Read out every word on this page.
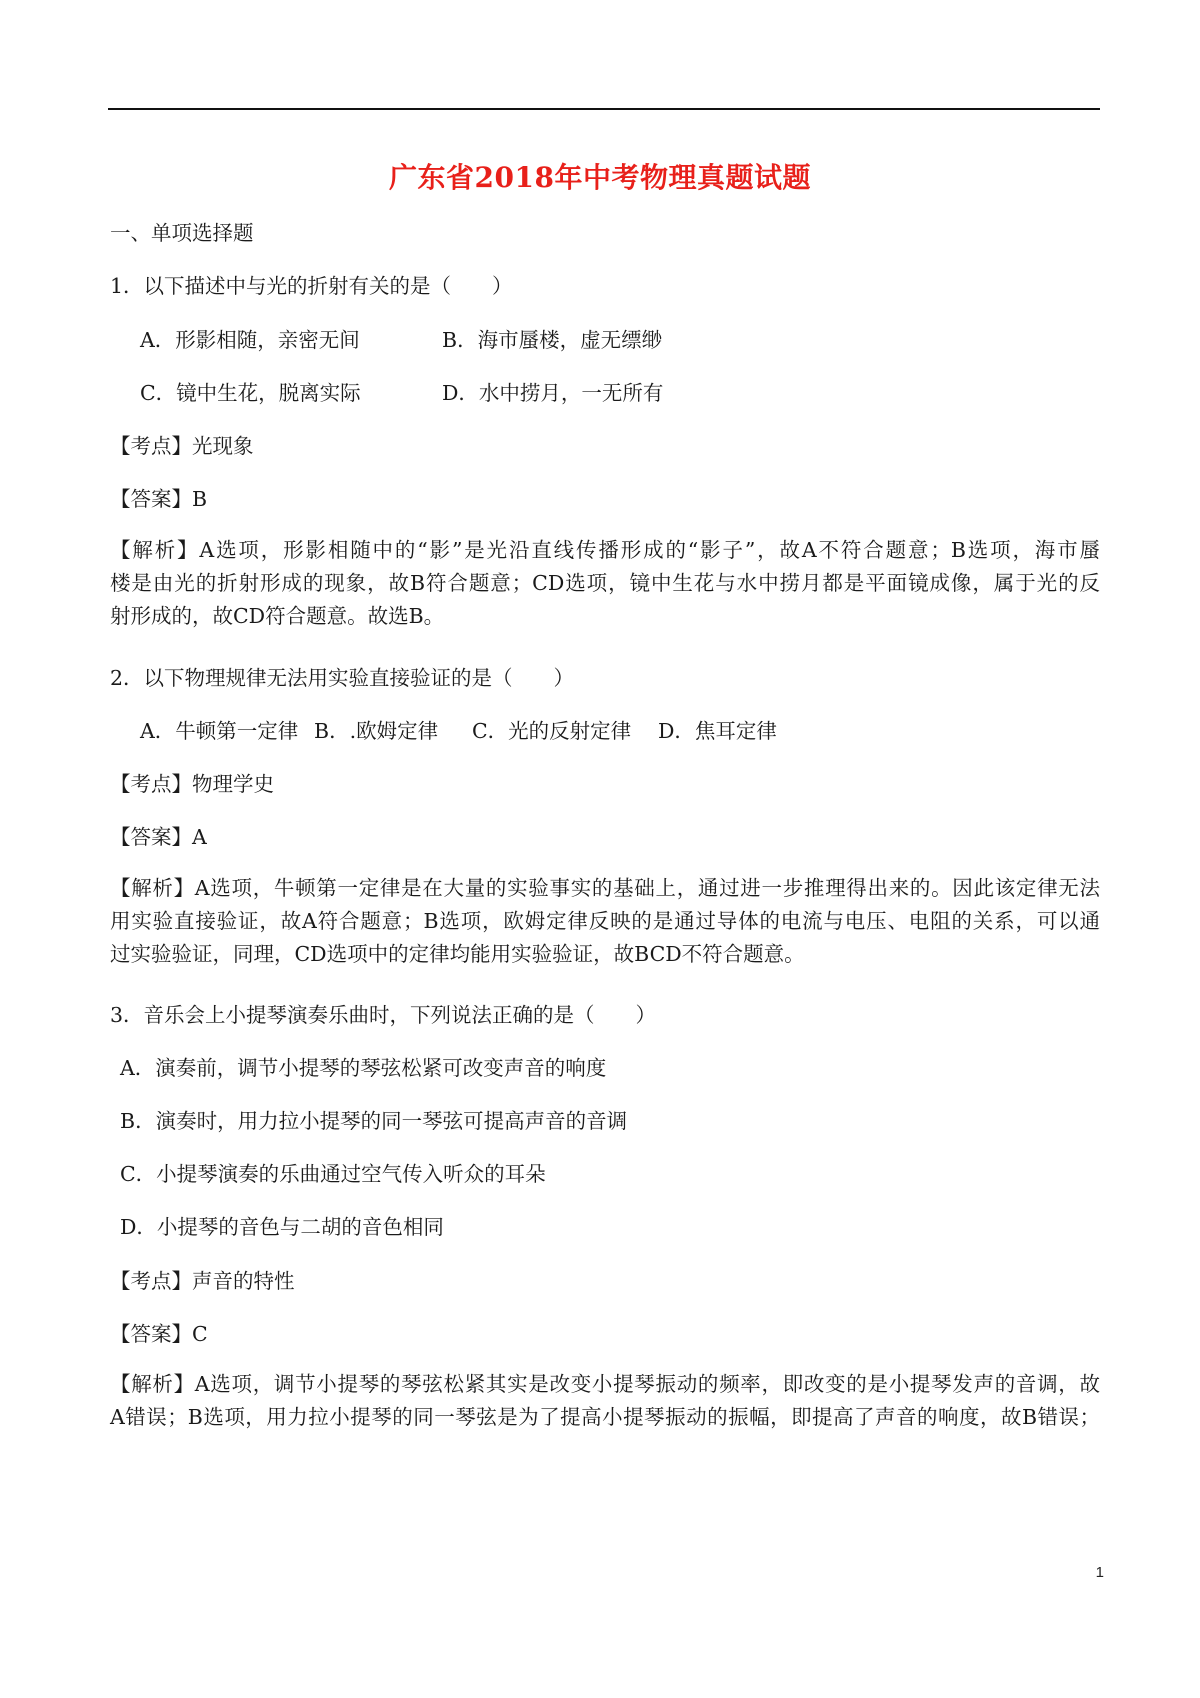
广东省2018年中考物理真题试题
一、单项选择题
1．以下描述中与光的折射有关的是（　　）
A．形影相随，亲密无间	B．海市蜃楼，虚无缥缈
C．镜中生花，脱离实际	D．水中捞月，一无所有
【考点】光现象
【答案】B
【解析】A选项，形影相随中的“影”是光沿直线传播形成的“影子”，故A不符合题意；B选项，海市蜃
楼是由光的折射形成的现象，故B符合题意；CD选项，镜中生花与水中捞月都是平面镜成像，属于光的反
射形成的，故CD符合题意。故选B。
2．以下物理规律无法用实验直接验证的是（　　）
A．牛顿第一定律 B．.欧姆定律 C．光的反射定律 D．焦耳定律
【考点】物理学史
【答案】A
【解析】A选项，牛顿第一定律是在大量的实验事实的基础上，通过进一步推理得出来的。因此该定律无法
用实验直接验证，故A符合题意；B选项，欧姆定律反映的是通过导体的电流与电压、电阻的关系，可以通
过实验验证，同理，CD选项中的定律均能用实验验证，故BCD不符合题意。
3．音乐会上小提琴演奏乐曲时，下列说法正确的是（　　）
A．演奏前，调节小提琴的琴弦松紧可改变声音的响度
B．演奏时，用力拉小提琴的同一琴弦可提高声音的音调
C．小提琴演奏的乐曲通过空气传入听众的耳朵
D．小提琴的音色与二胡的音色相同
【考点】声音的特性
【答案】C
【解析】A选项，调节小提琴的琴弦松紧其实是改变小提琴振动的频率，即改变的是小提琴发声的音调，故
A错误；B选项，用力拉小提琴的同一琴弦是为了提高小提琴振动的振幅，即提高了声音的响度，故B错误；
1
